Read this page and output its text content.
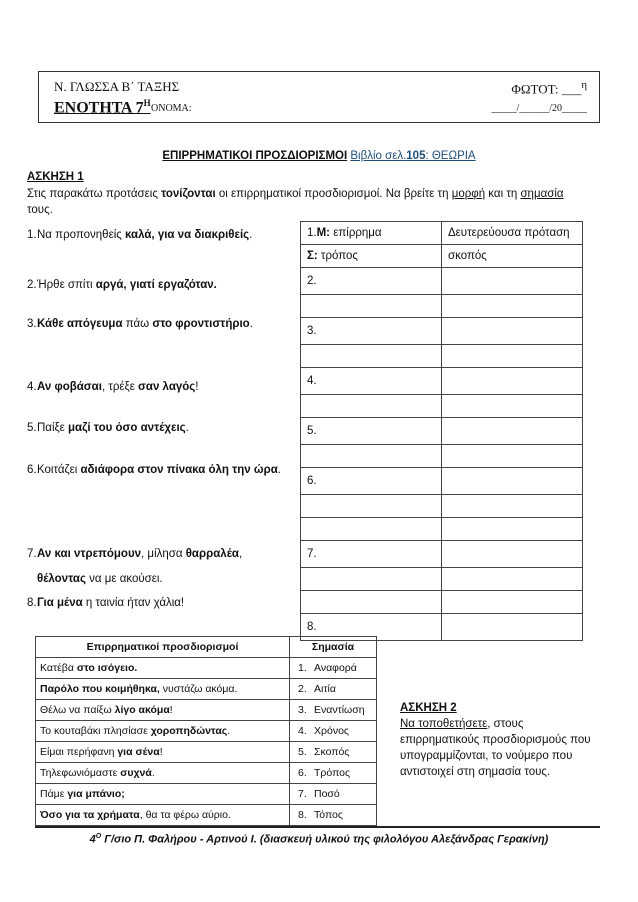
Ν. ΓΛΩΣΣΑ Β΄ ΤΑΞΗΣ
ΕΝΟΤΗΤΑ $7^H$ ΟΝΟΜΑ:
ΦΩΤΟΤ: ___$^\eta$
_____/______/20_____
ΕΠΙΡΡΗΜΑΤΙΚΟΙ ΠΡΟΣΔΙΟΡΙΣΜΟΙ Βιβλίο σελ.105: ΘΕΩΡΙΑ
ΑΣΚΗΣΗ 1
Στις παρακάτω προτάσεις τονίζονται οι επιρρηματικοί προσδιορισμοί. Να βρείτε τη μορφή και τη σημασία τους.
1. Να προπονηθείς καλά, για να διακριθείς.
2. Ήρθε σπίτι αργά, γιατί εργαζόταν.
3. Κάθε απόγευμα πάω στο φροντιστήριο.
4. Αν φοβάσαι, τρέξε σαν λαγός!
5. Παίξε μαζί του όσο αντέχεις.
6. Κοιτάζει αδιάφορα στον πίνακα όλη την ώρα.
7. Αν και ντρεπόμουν, μίλησα θαρραλέα, θέλοντας να με ακούσει.
8. Για μένα η ταινία ήταν χάλια!
1.Μ: επίρρημα	Δευτερεύουσα πρόταση
Σ: τρόπος	σκοπός
2.	

3.	

4.	

5.	

6.	

7.	

8.	
Επιρρηματικοί προσδιορισμοί	Σημασία
Κατέβα στο ισόγειο.	1. Αναφορά
Παρόλο που κοιμήθηκα, νυστάζω ακόμα.	2. Αιτία
Θέλω να παίξω λίγο ακόμα!	3. Εναντίωση
Το κουταβάκι πλησίασε χοροπηδώντας.	4. Χρόνος
Είμαι περήφανη για σένα!	5. Σκοπός
Τηλεφωνιόμαστε συχνά.	6. Τρόπος
Πάμε για μπάνιο;	7. Ποσό
Όσο για τα χρήματα, θα τα φέρω αύριο.	8. Τόπος
ΑΣΚΗΣΗ 2
Να τοποθετήσετε, στους επιρρηματικούς προσδιορισμούς που υπογραμμίζονται, το νούμερο που αντιστοιχεί στη σημασία τους.
$4^O$ Γ/σιο Π. Φαλήρου - Αρτινού Ι. (διασκευή υλικού της φιλολόγου Αλεξάνδρας Γερακίνη)
